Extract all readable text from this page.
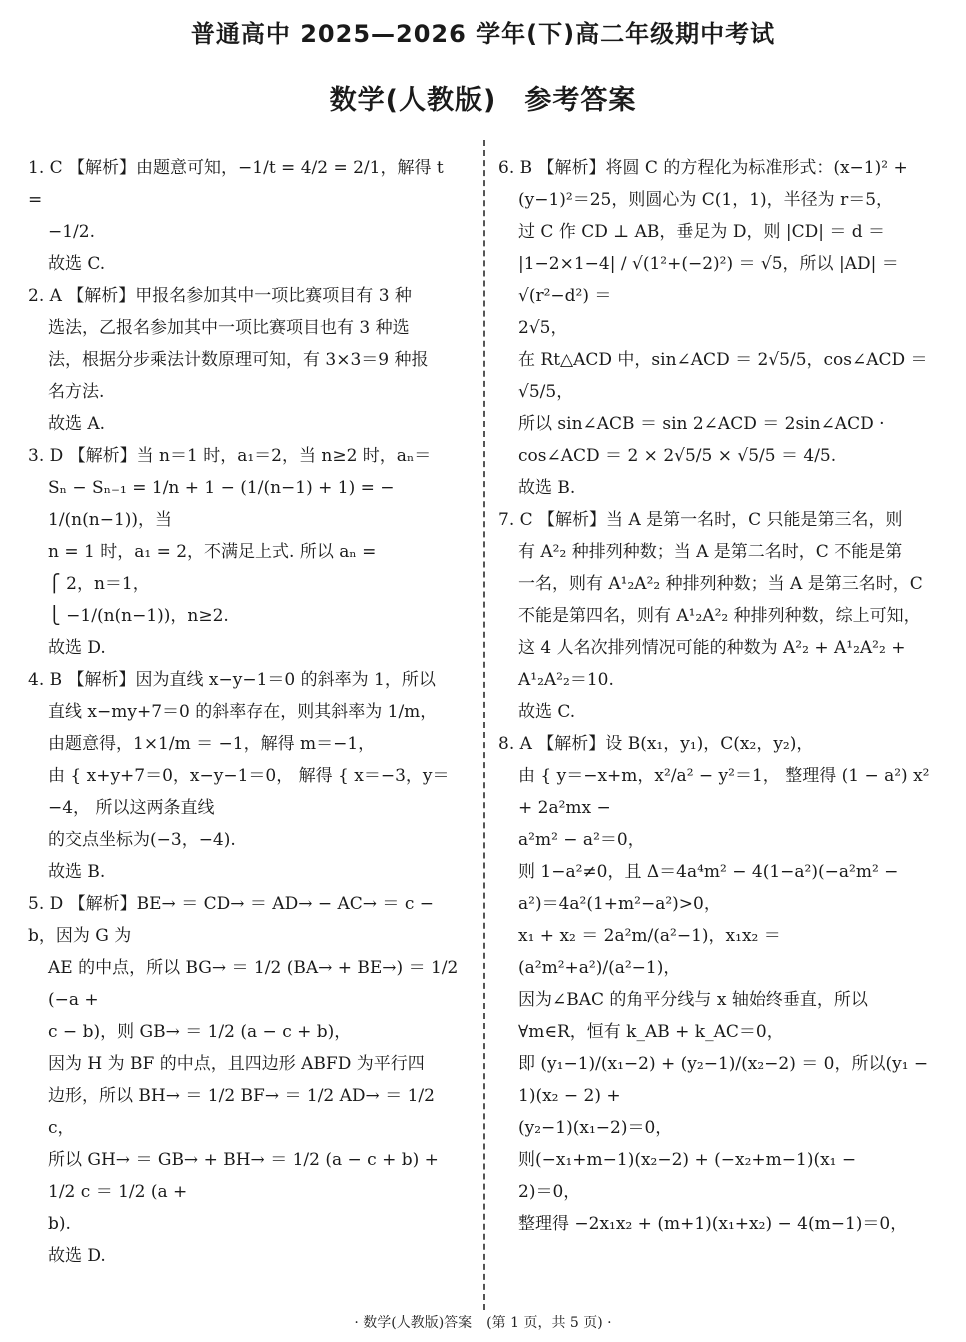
普通高中 2025—2026 学年(下)高二年级期中考试
数学(人教版)　参考答案

1. C 【解析】由题意可知，−1/t = 4/2 = 2/1，解得 t =

−1/2.

故选 C.

2. A 【解析】甲报名参加其中一项比赛项目有 3 种

选法，乙报名参加其中一项比赛项目也有 3 种选

法，根据分步乘法计数原理可知，有 3×3＝9 种报

名方法.

故选 A.

3. D 【解析】当 n＝1 时，a₁＝2，当 n≥2 时，aₙ＝

Sₙ − Sₙ₋₁ = 1/n + 1 − (1/(n−1) + 1) = − 1/(n(n−1))，当

n = 1 时，a₁ = 2，不满足上式. 所以 aₙ =

⎧ 2，n＝1，

⎩ −1/(n(n−1))，n≥2.

故选 D.

4. B 【解析】因为直线 x−y−1＝0 的斜率为 1，所以

直线 x−my+7＝0 的斜率存在，则其斜率为 1/m，

由题意得，1×1/m ＝ −1，解得 m＝−1，

由 { x+y+7＝0，x−y−1＝0， 解得 { x＝−3，y＝−4， 所以这两条直线

的交点坐标为(−3，−4).

故选 B.

5. D 【解析】BE→ ＝ CD→ ＝ AD→ − AC→ ＝ c − b，因为 G 为

AE 的中点，所以 BG→ ＝ 1/2 (BA→ + BE→) ＝ 1/2 (−a +

c − b)，则 GB→ ＝ 1/2 (a − c + b)，

因为 H 为 BF 的中点，且四边形 ABFD 为平行四

边形，所以 BH→ ＝ 1/2 BF→ ＝ 1/2 AD→ ＝ 1/2 c，

所以 GH→ ＝ GB→ + BH→ ＝ 1/2 (a − c + b) + 1/2 c ＝ 1/2 (a +

b).

故选 D.

6. B 【解析】将圆 C 的方程化为标准形式：(x−1)² +

(y−1)²＝25，则圆心为 C(1，1)，半径为 r＝5，

过 C 作 CD ⊥ AB，垂足为 D，则 |CD| ＝ d ＝

|1−2×1−4| / √(1²+(−2)²) ＝ √5，所以 |AD| ＝ √(r²−d²) ＝

2√5，

在 Rt△ACD 中，sin∠ACD ＝ 2√5/5，cos∠ACD ＝

√5/5，

所以 sin∠ACB ＝ sin 2∠ACD ＝ 2sin∠ACD ·

cos∠ACD ＝ 2 × 2√5/5 × √5/5 ＝ 4/5.

故选 B.

7. C 【解析】当 A 是第一名时，C 只能是第三名，则

有 A²₂ 种排列种数；当 A 是第二名时，C 不能是第

一名，则有 A¹₂A²₂ 种排列种数；当 A 是第三名时，C

不能是第四名，则有 A¹₂A²₂ 种排列种数，综上可知，

这 4 人名次排列情况可能的种数为 A²₂ + A¹₂A²₂ +

A¹₂A²₂＝10.

故选 C.

8. A 【解析】设 B(x₁，y₁)，C(x₂，y₂)，

由 { y＝−x+m，x²/a² − y²＝1， 整理得 (1 − a²) x² + 2a²mx −

a²m² − a²＝0，

则 1−a²≠0，且 Δ＝4a⁴m² − 4(1−a²)(−a²m² −

a²)＝4a²(1+m²−a²)>0，

x₁ + x₂ ＝ 2a²m/(a²−1)，x₁x₂ ＝ (a²m²+a²)/(a²−1)，

因为∠BAC 的角平分线与 x 轴始终垂直，所以

∀m∈R，恒有 k_AB + k_AC＝0，

即 (y₁−1)/(x₁−2) + (y₂−1)/(x₂−2) ＝ 0，所以(y₁ − 1)(x₂ − 2) +

(y₂−1)(x₁−2)＝0，

则(−x₁+m−1)(x₂−2) + (−x₂+m−1)(x₁ −

2)＝0，

整理得 −2x₁x₂ + (m+1)(x₁+x₂) − 4(m−1)＝0，

· 数学(人教版)答案　(第 1 页，共 5 页) ·
